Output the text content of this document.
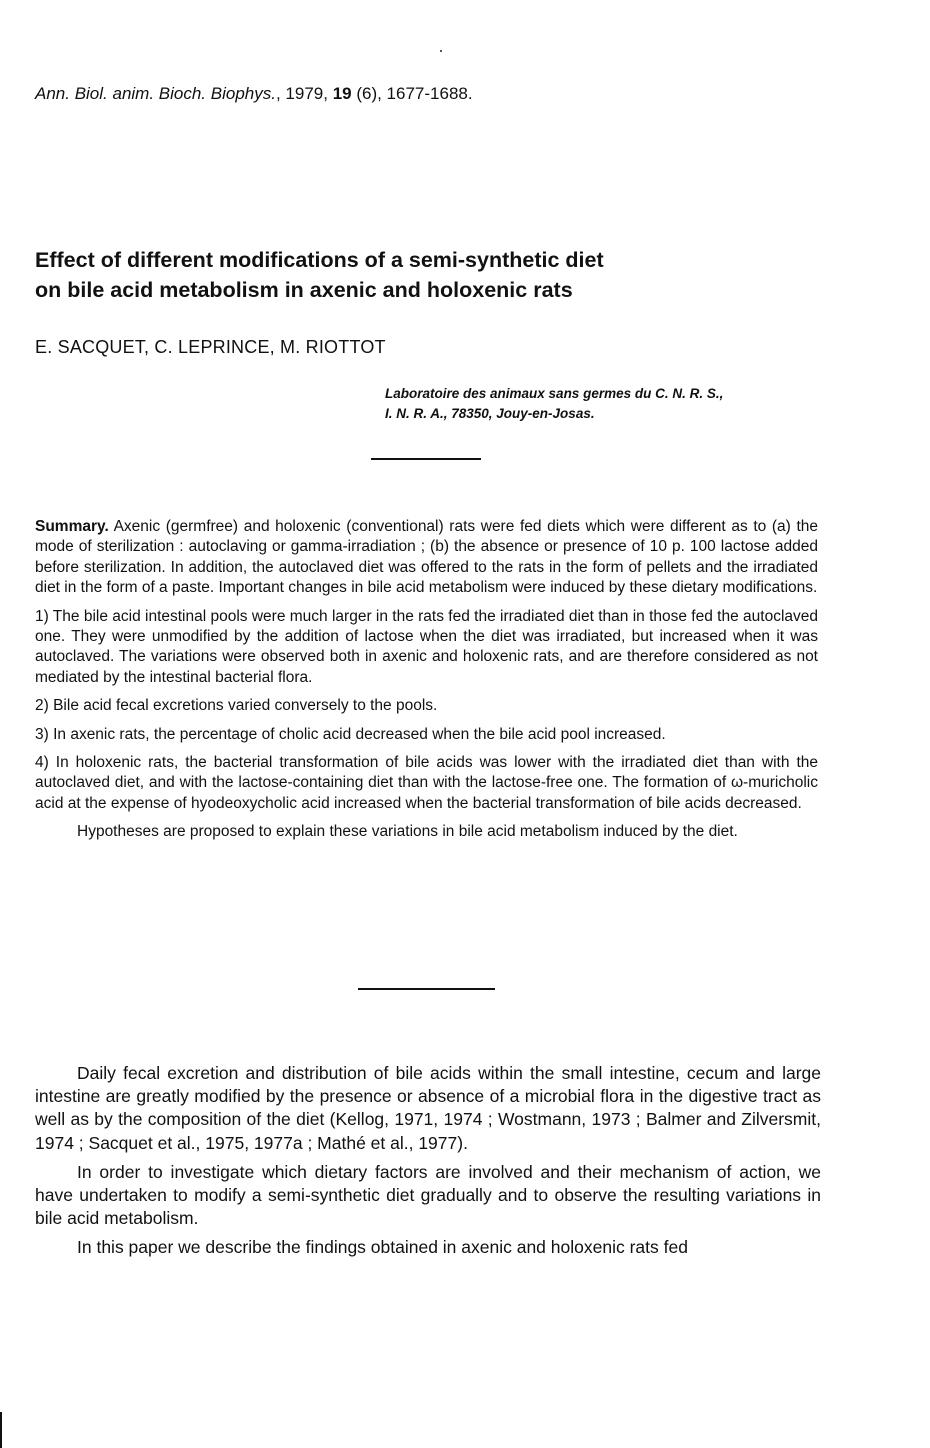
Ann. Biol. anim. Bioch. Biophys., 1979, 19 (6), 1677-1688.
Effect of different modifications of a semi-synthetic diet
on bile acid metabolism in axenic and holoxenic rats
E. SACQUET, C. LEPRINCE, M. RIOTTOT
Laboratoire des animaux sans germes du C. N. R. S.,
I. N. R. A., 78350, Jouy-en-Josas.

Summary. Axenic (germfree) and holoxenic (conventional) rats were fed diets which were different as to (a) the mode of sterilization : autoclaving or gamma-irradiation ; (b) the absence or presence of 10 p. 100 lactose added before sterilization. In addition, the autoclaved diet was offered to the rats in the form of pellets and the irradiated diet in the form of a paste. Important changes in bile acid metabolism were induced by these dietary modifications.

1) The bile acid intestinal pools were much larger in the rats fed the irradiated diet than in those fed the autoclaved one. They were unmodified by the addition of lactose when the diet was irradiated, but increased when it was autoclaved. The variations were observed both in axenic and holoxenic rats, and are therefore considered as not mediated by the intestinal bacterial flora.

2) Bile acid fecal excretions varied conversely to the pools.

3) In axenic rats, the percentage of cholic acid decreased when the bile acid pool increased.

4) In holoxenic rats, the bacterial transformation of bile acids was lower with the irradiated diet than with the autoclaved diet, and with the lactose-containing diet than with the lactose-free one. The formation of ω-muricholic acid at the expense of hyodeoxycholic acid increased when the bacterial transformation of bile acids decreased.

Hypotheses are proposed to explain these variations in bile acid metabolism induced by the diet.

Daily fecal excretion and distribution of bile acids within the small intestine, cecum and large intestine are greatly modified by the presence or absence of a microbial flora in the digestive tract as well as by the composition of the diet (Kellog, 1971, 1974 ; Wostmann, 1973 ; Balmer and Zilversmit, 1974 ; Sacquet et al., 1975, 1977a ; Mathé et al., 1977).

In order to investigate which dietary factors are involved and their mechanism of action, we have undertaken to modify a semi-synthetic diet gradually and to observe the resulting variations in bile acid metabolism.

In this paper we describe the findings obtained in axenic and holoxenic rats fed
